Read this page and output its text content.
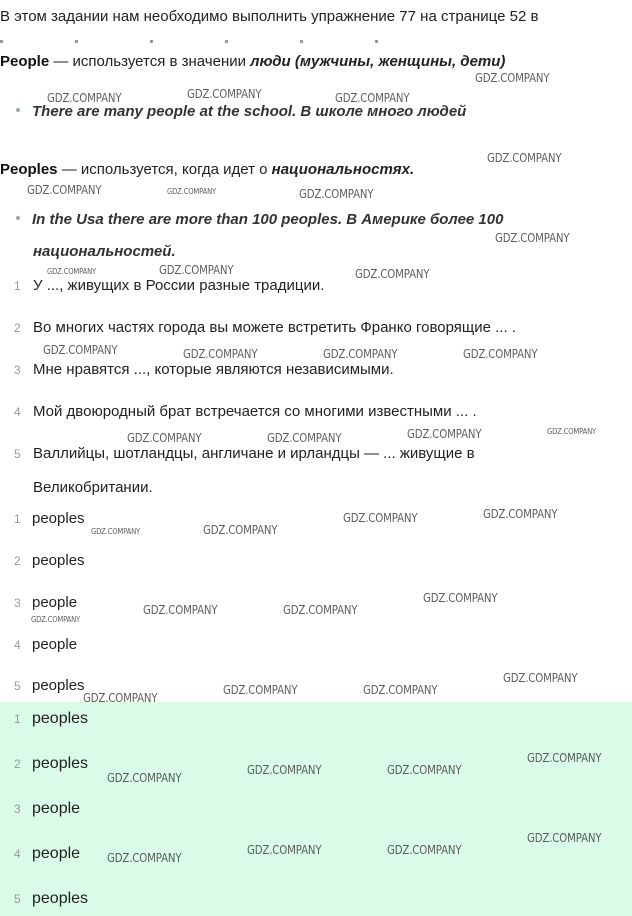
В этом задании нам необходимо выполнить упражнение 77 на странице 52 в
People — используется в значении люди (мужчины, женщины, дети)
There are many people at the school. В школе много людей
Peoples — используется, когда идет о национальностях.
In the Usa there are more than 100 peoples. В Америке более 100
национальностей.
1 У ..., живущих в России разные традиции.
2 Во многих частях города вы можете встретить Франко говорящие ... .
3 Мне нравятся ..., которые являются независимыми.
4 Мой двоюродный брат встречается со многими известными ... .
5 Валлийцы, шотландцы, англичане и ирландцы — ... живущие в
Великобритании.
1 peoples
2 peoples
3 people
4 people
5 peoples
1 peoples
2 peoples
3 people
4 people
5 peoples
GDZ.COMPANY
GDZ.COMPANY	GDZ.COMPANY	GDZ.COMPANY
GDZ.COMPANY
GDZ.COMPANY	GDZ.COMPANY	GDZ.COMPANY
GDZ.COMPANY
GDZ.COMPANY	GDZ.COMPANY	GDZ.COMPANY
GDZ.COMPANY	GDZ.COMPANY	GDZ.COMPANY	GDZ.COMPANY
GDZ.COMPANY	GDZ.COMPANY	GDZ.COMPANY	GDZ.COMPANY
GDZ.COMPANY	GDZ.COMPANY
GDZ.COMPANY	GDZ.COMPANY
GDZ.COMPANY
GDZ.COMPANY	GDZ.COMPANY
GDZ.COMPANY
GDZ.COMPANY
GDZ.COMPANY
GDZ.COMPANY	GDZ.COMPANY
GDZ.COMPANY
GDZ.COMPANY
GDZ.COMPANY	GDZ.COMPANY
GDZ.COMPANY
GDZ.COMPANY
GDZ.COMPANY	GDZ.COMPANY
